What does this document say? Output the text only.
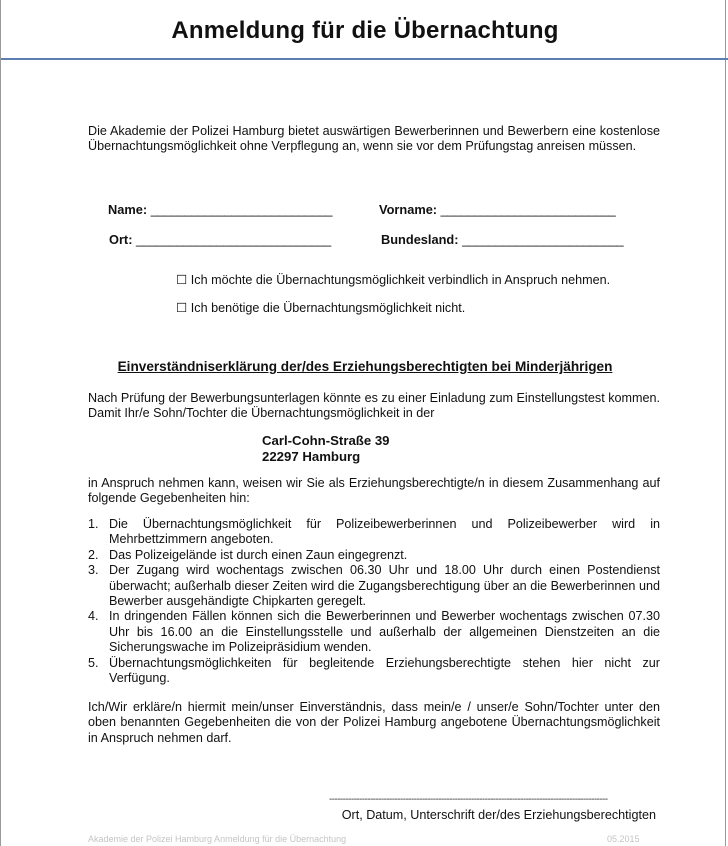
Anmeldung für die Übernachtung
Die Akademie der Polizei Hamburg bietet auswärtigen Bewerberinnen und Bewerbern eine kostenlose Übernachtungsmöglichkeit ohne Verpflegung an, wenn sie vor dem Prüfungstag anreisen müssen.
Name: ___________________________	Vorname: __________________________
Ort: _____________________________	Bundesland: ________________________
☐ Ich möchte die Übernachtungsmöglichkeit verbindlich in Anspruch nehmen.
☐ Ich benötige die Übernachtungsmöglichkeit nicht.
Einverständniserklärung der/des Erziehungsberechtigten bei Minderjährigen
Nach Prüfung der Bewerbungsunterlagen könnte es zu einer Einladung zum Einstellungstest kommen. Damit Ihr/e Sohn/Tochter die Übernachtungsmöglichkeit in der
Carl-Cohn-Straße 39
22297 Hamburg
in Anspruch nehmen kann, weisen wir Sie als Erziehungsberechtigte/n in diesem Zusammenhang auf folgende Gegebenheiten hin:
1. Die Übernachtungsmöglichkeit für Polizeibewerberinnen und Polizeibewerber wird in Mehrbettzimmern angeboten.
2. Das Polizeigelände ist durch einen Zaun eingegrenzt.
3. Der Zugang wird wochentags zwischen 06.30 Uhr und 18.00 Uhr durch einen Postendienst überwacht; außerhalb dieser Zeiten wird die Zugangsberechtigung über an die Bewerberinnen und Bewerber ausgehändigte Chipkarten geregelt.
4. In dringenden Fällen können sich die Bewerberinnen und Bewerber wochentags zwischen 07.30 Uhr bis 16.00 an die Einstellungsstelle und außerhalb der allgemeinen Dienstzeiten an die Sicherungswache im Polizeipräsidium wenden.
5. Übernachtungsmöglichkeiten für begleitende Erziehungsberechtigte stehen hier nicht zur Verfügung.
Ich/Wir erkläre/n hiermit mein/unser Einverständnis, dass mein/e / unser/e Sohn/Tochter unter den oben benannten Gegebenheiten die von der Polizei Hamburg angebotene Übernachtungsmöglichkeit in Anspruch nehmen darf.
------------------------------------------------------------------------------------------------------
Ort, Datum, Unterschrift der/des Erziehungsberechtigten
Akademie der Polizei Hamburg Anmeldung für die Übernachtung	05.2015
